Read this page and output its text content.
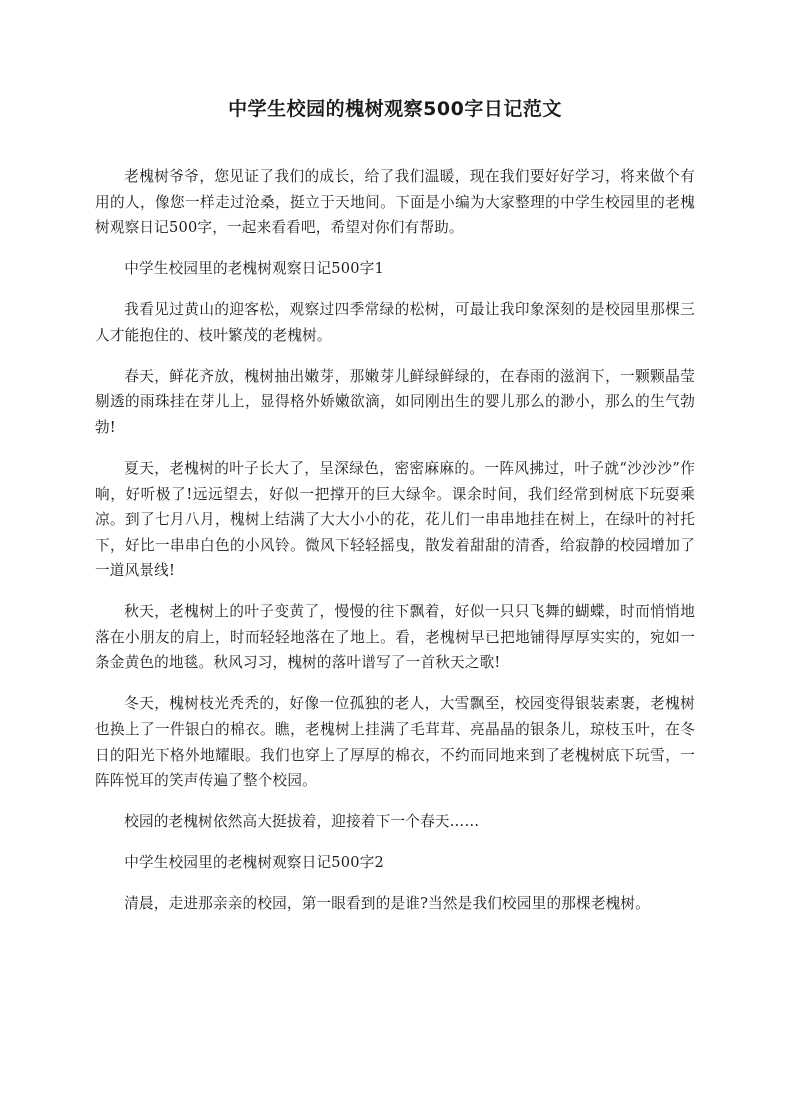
中学生校园的槐树观察500字日记范文

老槐树爷爷，您见证了我们的成长，给了我们温暖，现在我们要好好学习，将来做个有用的人，像您一样走过沧桑，挺立于天地间。下面是小编为大家整理的中学生校园里的老槐树观察日记500字，一起来看看吧，希望对你们有帮助。

中学生校园里的老槐树观察日记500字1

我看见过黄山的迎客松，观察过四季常绿的松树，可最让我印象深刻的是校园里那棵三人才能抱住的、枝叶繁茂的老槐树。

春天，鲜花齐放，槐树抽出嫩芽，那嫩芽儿鲜绿鲜绿的，在春雨的滋润下，一颗颗晶莹剔透的雨珠挂在芽儿上，显得格外娇嫩欲滴，如同刚出生的婴儿那么的渺小，那么的生气勃勃!

夏天，老槐树的叶子长大了，呈深绿色，密密麻麻的。一阵风拂过，叶子就“沙沙沙”作响，好听极了!远远望去，好似一把撑开的巨大绿伞。课余时间，我们经常到树底下玩耍乘凉。到了七月八月，槐树上结满了大大小小的花，花儿们一串串地挂在树上，在绿叶的衬托下，好比一串串白色的小风铃。微风下轻轻摇曳，散发着甜甜的清香，给寂静的校园增加了一道风景线!

秋天，老槐树上的叶子变黄了，慢慢的往下飘着，好似一只只飞舞的蝴蝶，时而悄悄地落在小朋友的肩上，时而轻轻地落在了地上。看，老槐树早已把地铺得厚厚实实的，宛如一条金黄色的地毯。秋风习习，槐树的落叶谱写了一首秋天之歌!

冬天，槐树枝光秃秃的，好像一位孤独的老人，大雪飘至，校园变得银装素裹，老槐树也换上了一件银白的棉衣。瞧，老槐树上挂满了毛茸茸、亮晶晶的银条儿，琼枝玉叶，在冬日的阳光下格外地耀眼。我们也穿上了厚厚的棉衣，不约而同地来到了老槐树底下玩雪，一阵阵悦耳的笑声传遍了整个校园。

校园的老槐树依然高大挺拔着，迎接着下一个春天……

中学生校园里的老槐树观察日记500字2

清晨，走进那亲亲的校园，第一眼看到的是谁?当然是我们校园里的那棵老槐树。
